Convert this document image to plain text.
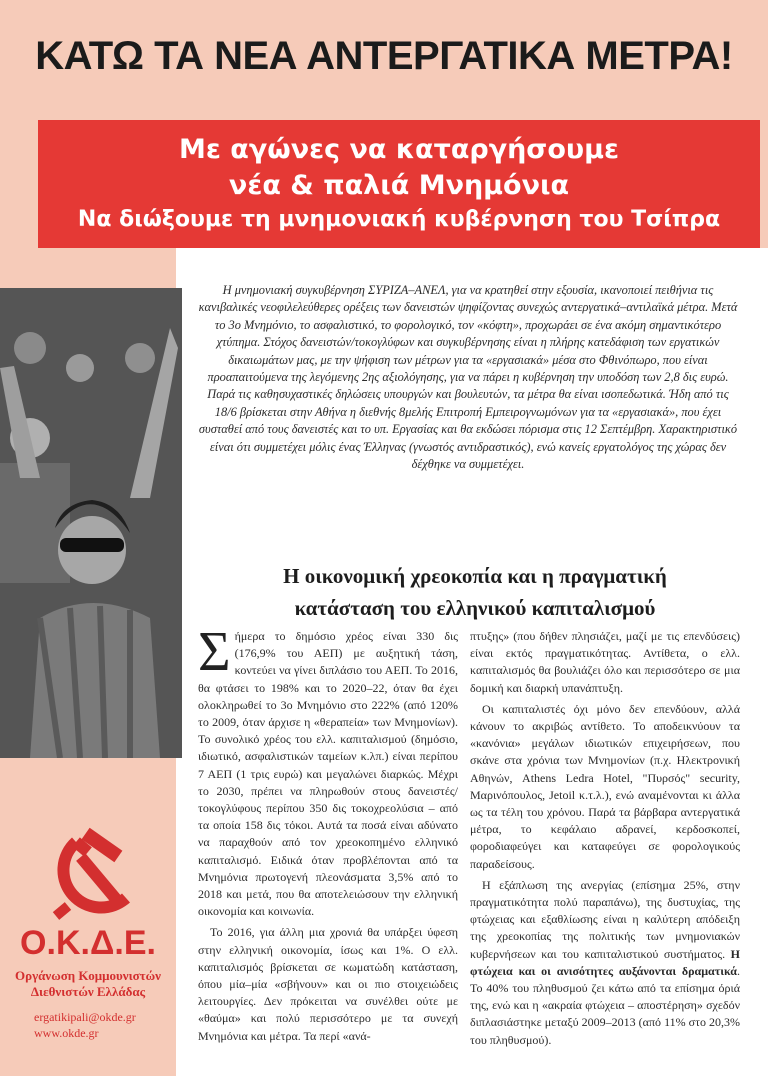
ΚΑΤΩ ΤΑ ΝΕΑ ΑΝΤΕΡΓΑΤΙΚΑ ΜΕΤΡΑ!
Με αγώνες να καταργήσουμε
νέα & παλιά Μνημόνια
Να διώξουμε τη μνημονιακή κυβέρνηση του Τσίπρα

Η μνημονιακή συγκυβέρνηση ΣΥΡΙΖΑ–ΑΝΕΛ, για να κρατηθεί στην εξουσία, ικανοποιεί πειθήνια τις κανιβαλικές νεοφιλελεύθερες ορέξεις των δανειστών ψηφίζοντας συνεχώς αντεργατικά–αντιλαϊκά μέτρα. Μετά το 3ο Μνημόνιο, το ασφαλιστικό, το φορολογικό, τον «κόφτη», προχωράει σε ένα ακόμη σημαντικότερο χτύπημα. Στόχος δανειστών/τοκογλύφων και συγκυβέρνησης είναι η πλήρης κατεδάφιση των εργατικών δικαιωμάτων μας, με την ψήφιση των μέτρων για τα «εργασιακά» μέσα στο Φθινόπωρο, που είναι προαπαιτούμενα της λεγόμενης 2ης αξιολόγησης, για να πάρει η κυβέρνηση την υποδόση των 2,8 δις ευρώ.

Παρά τις καθησυχαστικές δηλώσεις υπουργών και βουλευτών, τα μέτρα θα είναι ισοπεδωτικά. Ήδη από τις 18/6 βρίσκεται στην Αθήνα η διεθνής 8μελής Επιτροπή Εμπειρογνωμόνων για τα «εργασιακά», που έχει συσταθεί από τους δανειστές και το υπ. Εργασίας και θα εκδώσει πόρισμα στις 12 Σεπτέμβρη. Χαρακτηριστικό είναι ότι συμμετέχει μόλις ένας Έλληνας (γνωστός αντιδραστικός), ενώ κανείς εργατολόγος της χώρας δεν δέχθηκε να συμμετέχει.

Η οικονομική χρεοκοπία και η πραγματική
κατάσταση του ελληνικού καπιταλισμού

Σήμερα το δημόσιο χρέος είναι 330 δις (176,9% του ΑΕΠ) με αυξητική τάση, κοντεύει να γίνει διπλάσιο του ΑΕΠ. Το 2016, θα φτάσει το 198% και το 2020–22, όταν θα έχει ολοκληρωθεί το 3ο Μνημόνιο στο 222% (από 120% το 2009, όταν άρχισε η «θεραπεία» των Μνημονίων). Το συνολικό χρέος του ελλ. καπιταλισμού (δημόσιο, ιδιωτικό, ασφαλιστικών ταμείων κ.λπ.) είναι περίπου 7 ΑΕΠ (1 τρις ευρώ) και μεγαλώνει διαρκώς. Μέχρι το 2030, πρέπει να πληρωθούν στους δανειστές/τοκογλύφους περίπου 350 δις τοκοχρεολύσια – από τα οποία 158 δις τόκοι. Αυτά τα ποσά είναι αδύνατο να παραχθούν από τον χρεοκοπημένο ελληνικό καπιταλισμό. Ειδικά όταν προβλέπονται από τα Μνημόνια πρωτογενή πλεονάσματα 3,5% από το 2018 και μετά, που θα αποτελειώσουν την ελληνική οικονομία και κοινωνία.

Το 2016, για άλλη μια χρονιά θα υπάρξει ύφεση στην ελληνική οικονομία, ίσως και 1%. Ο ελλ. καπιταλισμός βρίσκεται σε κωματώδη κατάσταση, όπου μία–μία «σβήνουν» και οι πιο στοιχειώδεις λειτουργίες. Δεν πρόκειται να συνέλθει ούτε με «θαύμα» και πολύ περισσότερο με τα συνεχή Μνημόνια και μέτρα. Τα περί «ανά-

πτυξης» (που δήθεν πλησιάζει, μαζί με τις επενδύσεις) είναι εκτός πραγματικότητας. Αντίθετα, ο ελλ. καπιταλισμός θα βουλιάζει όλο και περισσότερο σε μια δομική και διαρκή υπανάπτυξη.

Οι καπιταλιστές όχι μόνο δεν επενδύουν, αλλά κάνουν το ακριβώς αντίθετο. Το αποδεικνύουν τα «κανόνια» μεγάλων ιδιωτικών επιχειρήσεων, που σκάνε στα χρόνια των Μνημονίων (π.χ. Ηλεκτρονική Αθηνών, Athens Ledra Hotel, "Πυρσός" security, Μαρινόπουλος, Jetoil κ.τ.λ.), ενώ αναμένονται κι άλλα ως τα τέλη του χρόνου. Παρά τα βάρβαρα αντεργατικά μέτρα, το κεφάλαιο αδρανεί, κερδοσκοπεί, φοροδιαφεύγει και καταφεύγει σε φορολογικούς παραδείσους.

Η εξάπλωση της ανεργίας (επίσημα 25%, στην πραγματικότητα πολύ παραπάνω), της δυστυχίας, της φτώχειας και εξαθλίωσης είναι η καλύτερη απόδειξη της χρεοκοπίας της πολιτικής των μνημονιακών κυβερνήσεων και του καπιταλιστικού συστήματος. Η φτώχεια και οι ανισότητες αυξάνονται δραματικά. Το 40% του πληθυσμού ζει κάτω από τα επίσημα όριά της, ενώ και η «ακραία φτώχεια – αποστέρηση» σχεδόν διπλασιάστηκε μεταξύ 2009–2013 (από 11% στο 20,3% του πληθυσμού).

Ο.Κ.Δ.Ε.
Οργάνωση Κομμουνιστών
Διεθνιστών Ελλάδας
ergatikipali@okde.gr
www.okde.gr
